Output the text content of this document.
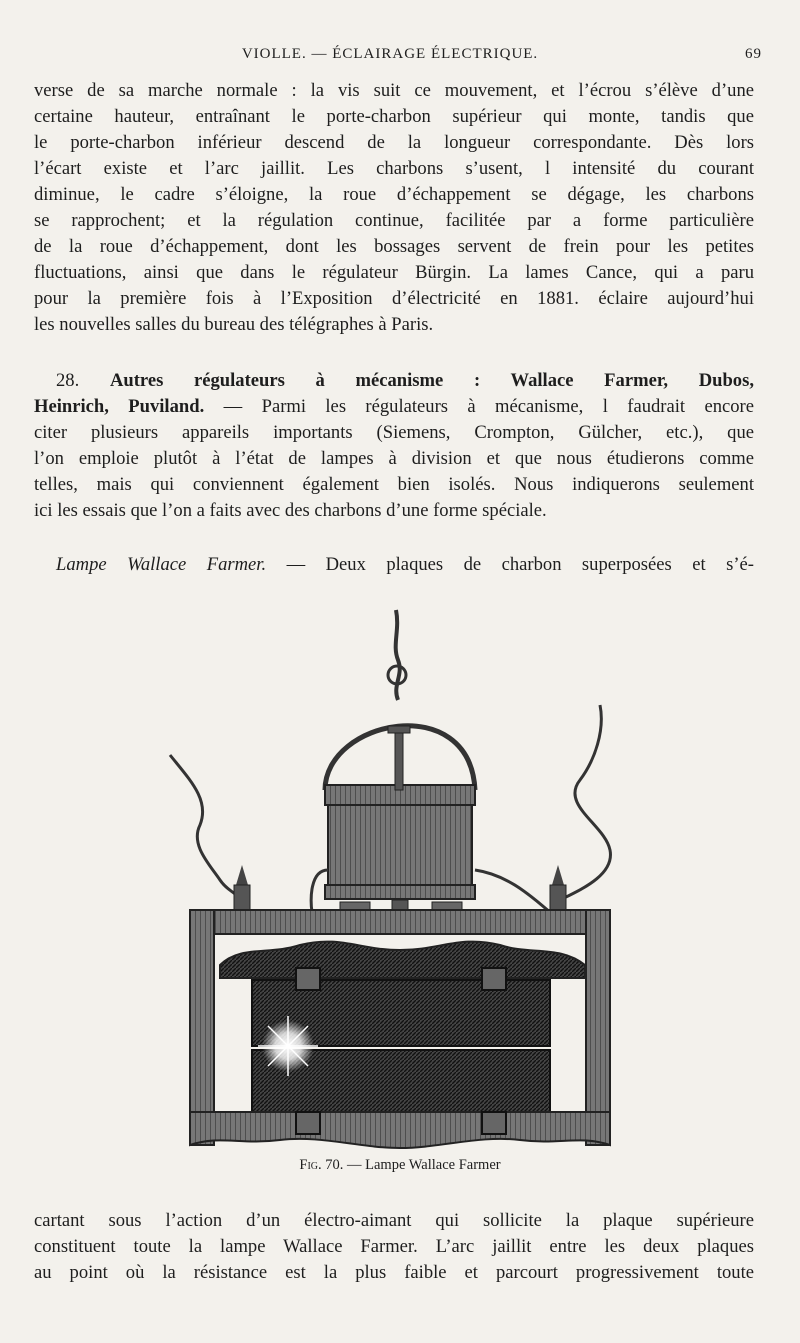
VIOLLE. — ÉCLAIRAGE ÉLECTRIQUE.	69
verse de sa marche normale : la vis suit ce mouvement, et l’écrou s’élève d’une
certaine hauteur, entraînant le porte-charbon supérieur qui monte, tandis que
le porte-charbon inférieur descend de la longueur correspondante. Dès lors
l’écart existe et l’arc jaillit. Les charbons s’usent, l intensité du courant
diminue, le cadre s’éloigne, la roue d’échappement se dégage, les charbons
se rapprochent; et la régulation continue, facilitée par a forme particulière
de la roue d’échappement, dont les bossages servent de frein pour les petites
fluctuations, ainsi que dans le régulateur Bürgin. La lames Cance, qui a paru
pour la première fois à l’Exposition d’électricité en 1881. éclaire aujourd’hui
les nouvelles salles du bureau des télégraphes à Paris.
28. Autres régulateurs à mécanisme : Wallace Farmer, Dubos,
Heinrich, Puviland. — Parmi les régulateurs à mécanisme, l faudrait encore
citer plusieurs appareils importants (Siemens, Crompton, Gülcher, etc.), que
l’on emploie plutôt à l’état de lampes à division et que nous étudierons comme
telles, mais qui conviennent également bien isolés. Nous indiquerons seulement
ici les essais que l’on a faits avec des charbons d’une forme spéciale.
Lampe Wallace Farmer. — Deux plaques de charbon superposées et s’é-
Fig. 70. — Lampe Wallace Farmer
cartant sous l’action d’un électro-aimant qui sollicite la plaque supérieure
constituent toute la lampe Wallace Farmer. L’arc jaillit entre les deux plaques
au point où la résistance est la plus faible et parcourt progressivement toute
